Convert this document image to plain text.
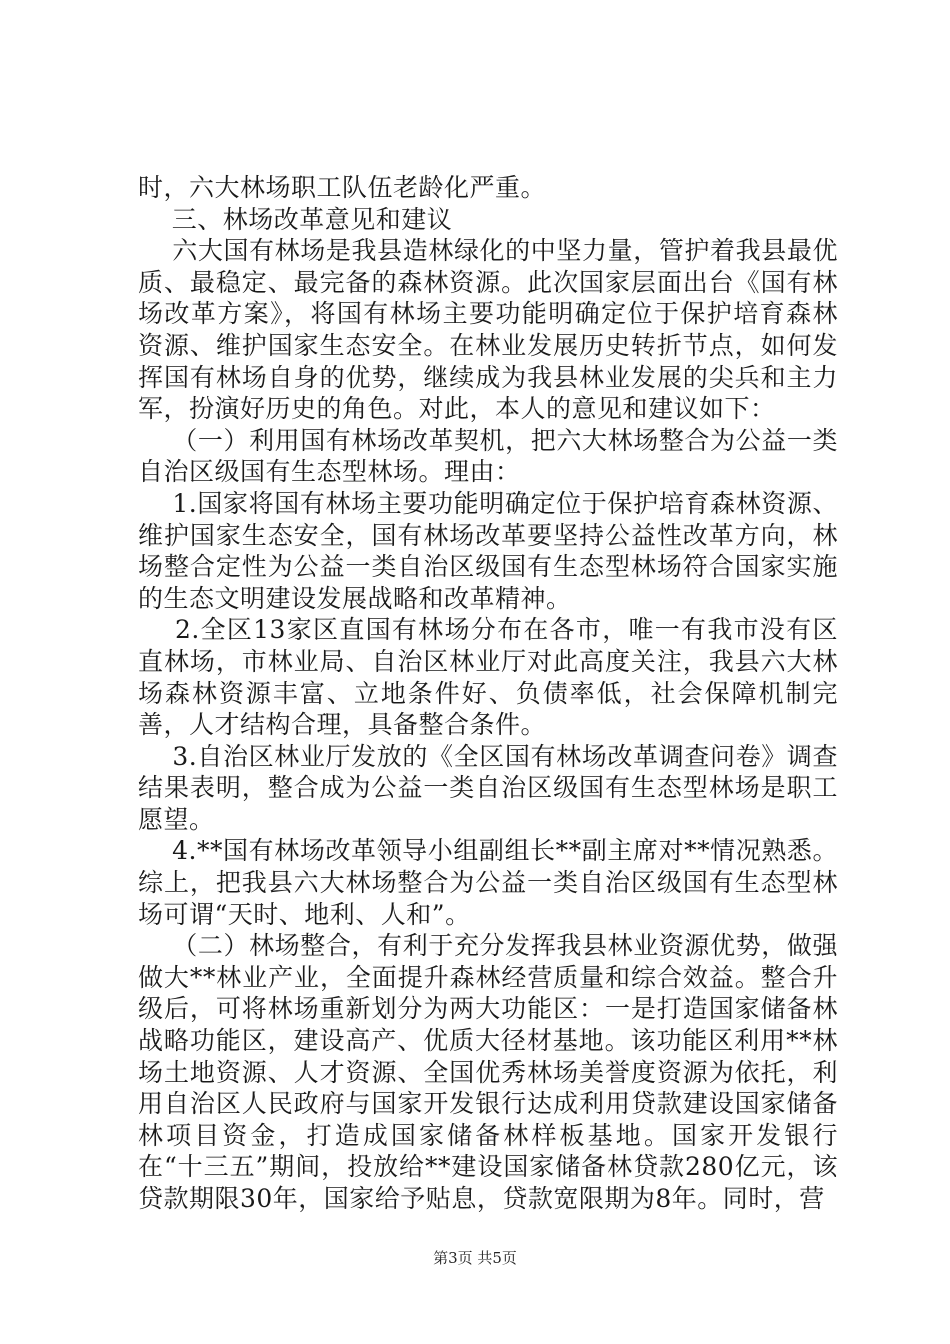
时，六大林场职工队伍老龄化严重。

三、林场改革意见和建议

六大国有林场是我县造林绿化的中坚力量，管护着我县最优质、最稳定、最完备的森林资源。此次国家层面出台《国有林场改革方案》，将国有林场主要功能明确定位于保护培育森林资源、维护国家生态安全。在林业发展历史转折节点，如何发挥国有林场自身的优势，继续成为我县林业发展的尖兵和主力军，扮演好历史的角色。对此，本人的意见和建议如下：

（一）利用国有林场改革契机，把六大林场整合为公益一类自治区级国有生态型林场。理由：

1.国家将国有林场主要功能明确定位于保护培育森林资源、维护国家生态安全，国有林场改革要坚持公益性改革方向，林场整合定性为公益一类自治区级国有生态型林场符合国家实施的生态文明建设发展战略和改革精神。

2.全区13家区直国有林场分布在各市，唯一有我市没有区直林场，市林业局、自治区林业厅对此高度关注，我县六大林场森林资源丰富、立地条件好、负债率低，社会保障机制完善，人才结构合理，具备整合条件。

3.自治区林业厅发放的《全区国有林场改革调查问卷》调查结果表明，整合成为公益一类自治区级国有生态型林场是职工愿望。

4.**国有林场改革领导小组副组长**副主席对**情况熟悉。综上，把我县六大林场整合为公益一类自治区级国有生态型林场可谓“天时、地利、人和”。

（二）林场整合，有利于充分发挥我县林业资源优势，做强做大**林业产业，全面提升森林经营质量和综合效益。整合升级后，可将林场重新划分为两大功能区：一是打造国家储备林战略功能区，建设高产、优质大径材基地。该功能区利用**林场土地资源、人才资源、全国优秀林场美誉度资源为依托，利用自治区人民政府与国家开发银行达成利用贷款建设国家储备林项目资金，打造成国家储备林样板基地。国家开发银行在“十三五”期间，投放给**建设国家储备林贷款280亿元，该贷款期限30年，国家给予贴息，贷款宽限期为8年。同时，营

第3页 共5页
